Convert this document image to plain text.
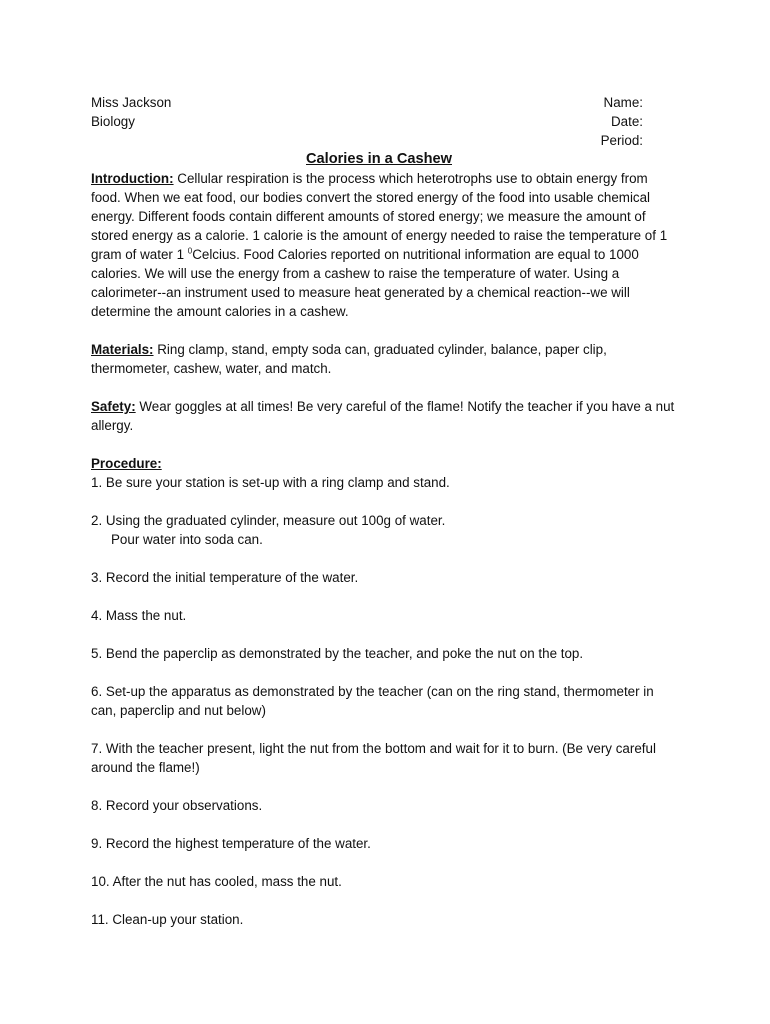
Miss Jackson
Biology
Name:
Date:
Period:
Calories in a Cashew

Introduction: Cellular respiration is the process which heterotrophs use to obtain energy from food. When we eat food, our bodies convert the stored energy of the food into usable chemical energy. Different foods contain different amounts of stored energy; we measure the amount of stored energy as a calorie. 1 calorie is the amount of energy needed to raise the temperature of 1 gram of water 1 $^0$Celcius. Food Calories reported on nutritional information are equal to 1000 calories. We will use the energy from a cashew to raise the temperature of water. Using a calorimeter--an instrument used to measure heat generated by a chemical reaction--we will determine the amount calories in a cashew.

Materials: Ring clamp, stand, empty soda can, graduated cylinder, balance, paper clip, thermometer, cashew, water, and match.

Safety: Wear goggles at all times! Be very careful of the flame! Notify the teacher if you have a nut allergy.

Procedure:

1. Be sure your station is set-up with a ring clamp and stand.

2. Using the graduated cylinder, measure out 100g of water.
Pour water into soda can.

3. Record the initial temperature of the water.

4. Mass the nut.

5. Bend the paperclip as demonstrated by the teacher, and poke the nut on the top.

6. Set-up the apparatus as demonstrated by the teacher (can on the ring stand, thermometer in can, paperclip and nut below)

7. With the teacher present, light the nut from the bottom and wait for it to burn. (Be very careful around the flame!)

8. Record your observations.

9. Record the highest temperature of the water.

10. After the nut has cooled, mass the nut.

11. Clean-up your station.
